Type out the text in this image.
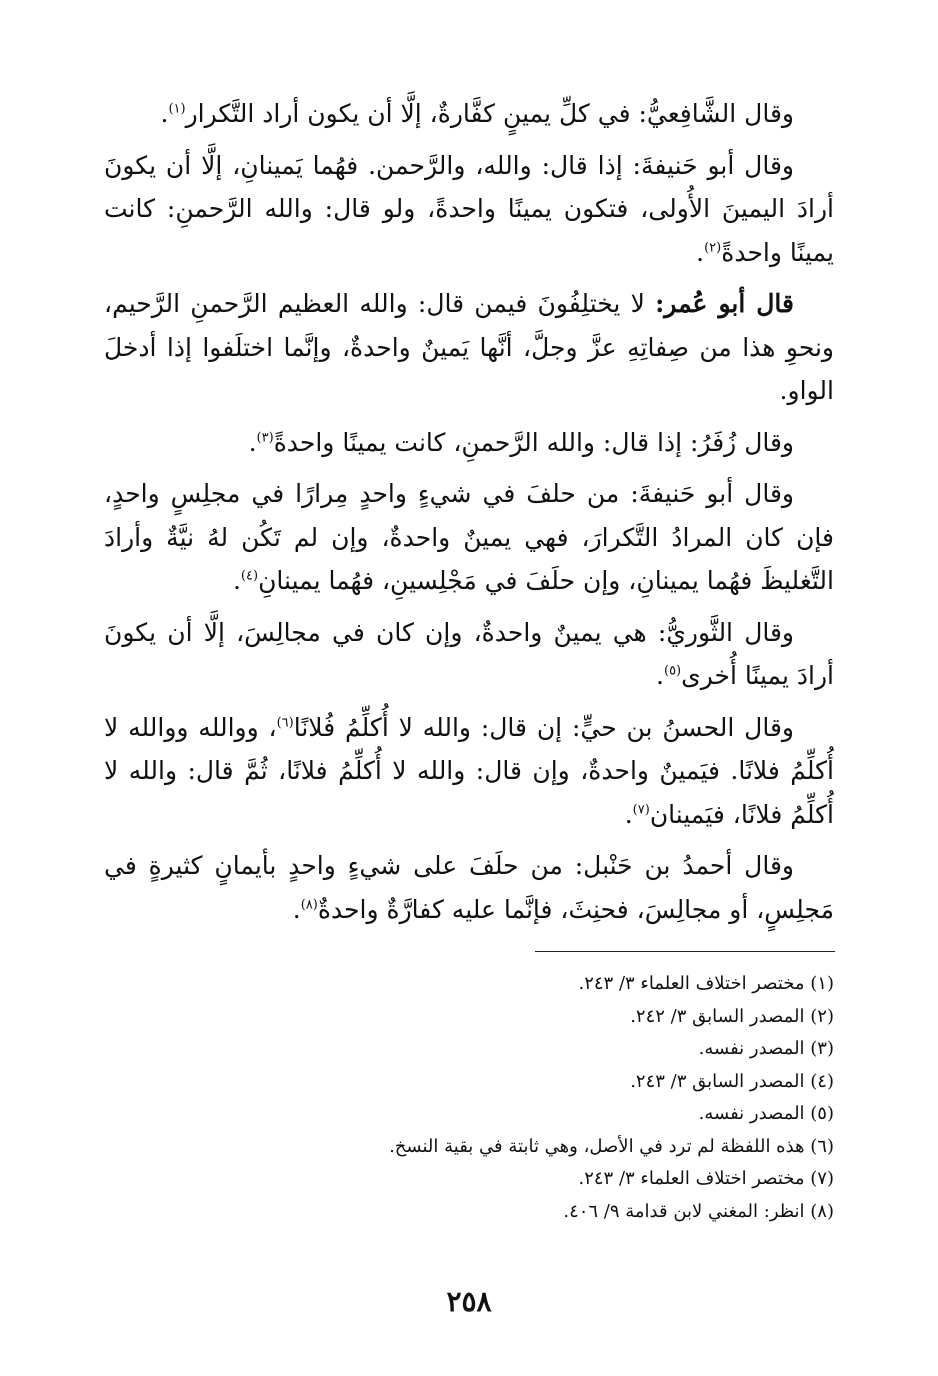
وقال الشَّافِعيُّ: في كلِّ يمينٍ كفَّارةٌ، إلَّا أن يكون أراد التَّكرار$^{(١)}$.

وقال أبو حَنيفةَ: إذا قال: والله، والرَّحمن. فهُما يَمينانِ، إلَّا أن يكونَ أرادَ اليمينَ الأُولى، فتكون يمينًا واحدةً، ولو قال: والله الرَّحمنِ: كانت يمينًا واحدةً$^{(٢)}$.

قال أبو عُمر: لا يختلِفُونَ فيمن قال: والله العظيم الرَّحمنِ الرَّحيم، ونحوِ هذا من صِفاتِهِ عزَّ وجلَّ، أنَّها يَمينٌ واحدةٌ، وإنَّما اختلَفوا إذا أدخلَ الواو.

وقال زُفَرُ: إذا قال: والله الرَّحمنِ، كانت يمينًا واحدةً$^{(٣)}$.

وقال أبو حَنيفةَ: من حلفَ في شيءٍ واحدٍ مِرارًا في مجلِسٍ واحدٍ، فإن كان المرادُ التَّكرارَ، فهي يمينٌ واحدةٌ، وإن لم تَكُن لهُ نيَّةٌ وأرادَ التَّغليظَ فهُما يمينانِ، وإن حلَفَ في مَجْلِسينِ، فهُما يمينانِ$^{(٤)}$.

وقال الثَّوريُّ: هي يمينٌ واحدةٌ، وإن كان في مجالِسَ، إلَّا أن يكونَ أرادَ يمينًا أُخرى$^{(٥)}$.

وقال الحسنُ بن حيٍّ: إن قال: والله لا أُكلِّمُ فُلانًا$^{(٦)}$، ووالله ووالله لا أُكلِّمُ فلانًا. فيَمينٌ واحدةٌ، وإن قال: والله لا أُكلِّمُ فلانًا، ثُمَّ قال: والله لا أُكلِّمُ فلانًا، فيَمينان$^{(٧)}$.

وقال أحمدُ بن حَنْبل: من حلَفَ على شيءٍ واحدٍ بأيمانٍ كثيرةٍ في مَجلِسٍ، أو مجالِسَ، فحنِثَ، فإنَّما عليه كفارَّةٌ واحدةٌ$^{(٨)}$.

(١) مختصر اختلاف العلماء ٣/ ٢٤٣.
(٢) المصدر السابق ٣/ ٢٤٢.
(٣) المصدر نفسه.
(٤) المصدر السابق ٣/ ٢٤٣.
(٥) المصدر نفسه.
(٦) هذه اللفظة لم ترد في الأصل، وهي ثابتة في بقية النسخ.
(٧) مختصر اختلاف العلماء ٣/ ٢٤٣.
(٨) انظر: المغني لابن قدامة ٩/ ٤٠٦.
٢٥٨
